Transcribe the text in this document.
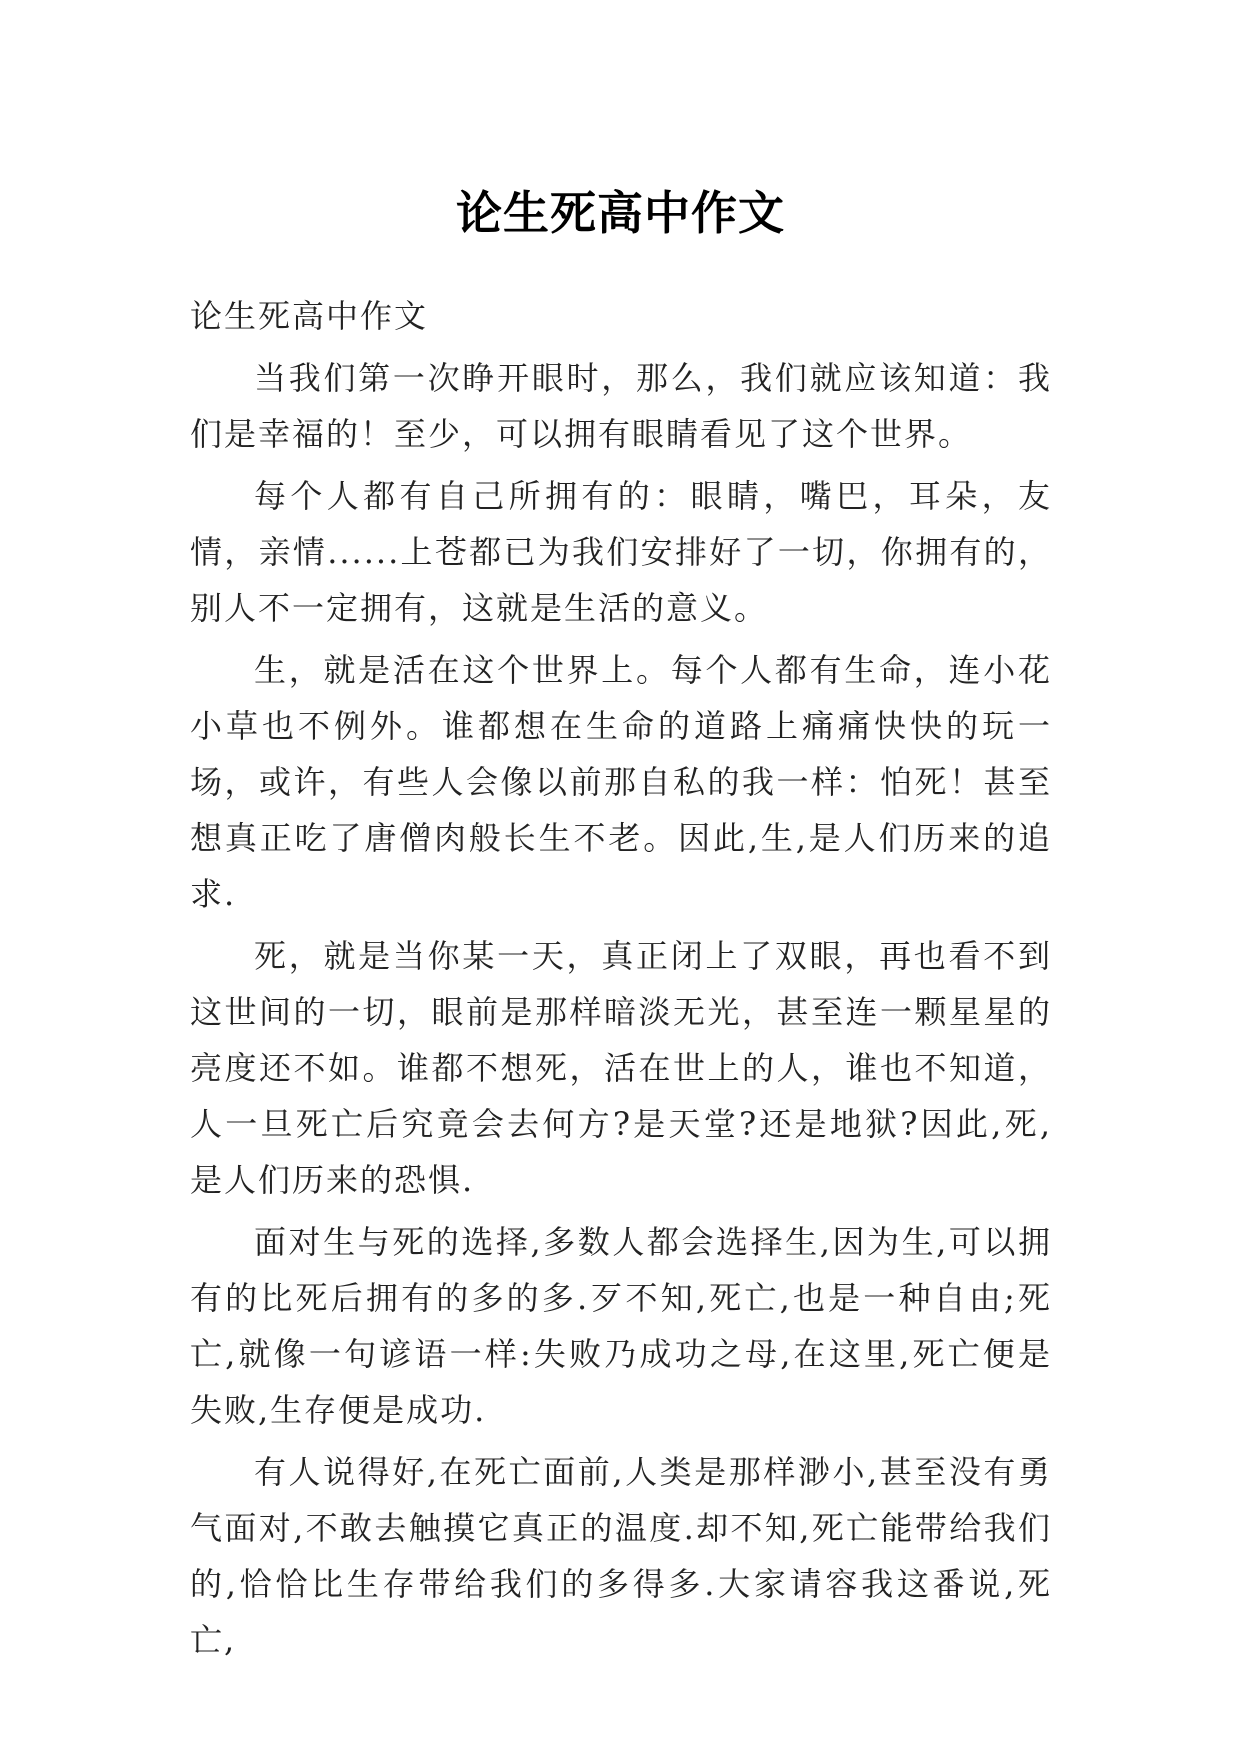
论生死高中作文

论生死高中作文

当我们第一次睁开眼时，那么，我们就应该知道：我们是幸福的！至少，可以拥有眼睛看见了这个世界。

每个人都有自己所拥有的：眼睛，嘴巴，耳朵，友情，亲情......上苍都已为我们安排好了一切，你拥有的，别人不一定拥有，这就是生活的意义。

生，就是活在这个世界上。每个人都有生命，连小花小草也不例外。谁都想在生命的道路上痛痛快快的玩一场，或许，有些人会像以前那自私的我一样：怕死！甚至想真正吃了唐僧肉般长生不老。因此,生,是人们历来的追求.

死，就是当你某一天，真正闭上了双眼，再也看不到这世间的一切，眼前是那样暗淡无光，甚至连一颗星星的亮度还不如。谁都不想死，活在世上的人，谁也不知道，人一旦死亡后究竟会去何方?是天堂?还是地狱?因此,死,是人们历来的恐惧.

面对生与死的选择,多数人都会选择生,因为生,可以拥有的比死后拥有的多的多.歹不知,死亡,也是一种自由;死亡,就像一句谚语一样:失败乃成功之母,在这里,死亡便是失败,生存便是成功.

有人说得好,在死亡面前,人类是那样渺小,甚至没有勇气面对,不敢去触摸它真正的温度.却不知,死亡能带给我们的,恰恰比生存带给我们的多得多.大家请容我这番说,死亡,
